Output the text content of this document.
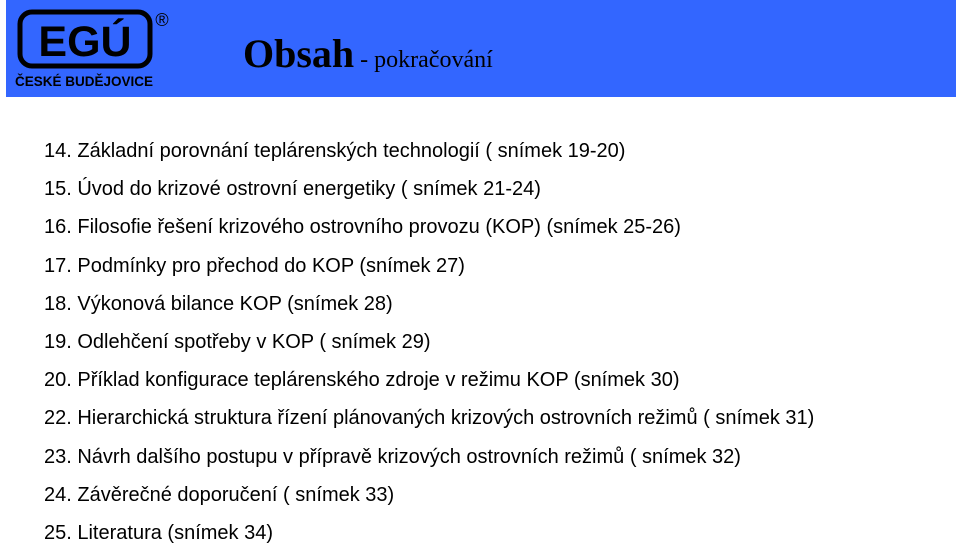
EGÚ
ČESKÉ BUDĚJOVICE
®
Obsah - pokračování
14. Základní porovnání teplárenských technologií ( snímek 19-20)
15. Úvod do krizové ostrovní energetiky ( snímek 21-24)
16. Filosofie řešení krizového ostrovního provozu (KOP) (snímek 25-26)
17. Podmínky pro přechod do KOP (snímek 27)
18. Výkonová bilance KOP (snímek 28)
19. Odlehčení spotřeby v KOP ( snímek 29)
20. Příklad konfigurace teplárenského zdroje v režimu KOP (snímek 30)
22. Hierarchická struktura řízení plánovaných krizových ostrovních režimů ( snímek 31)
23. Návrh dalšího postupu v přípravě krizových ostrovních režimů ( snímek 32)
24. Závěrečné doporučení ( snímek 33)
25. Literatura (snímek 34)
